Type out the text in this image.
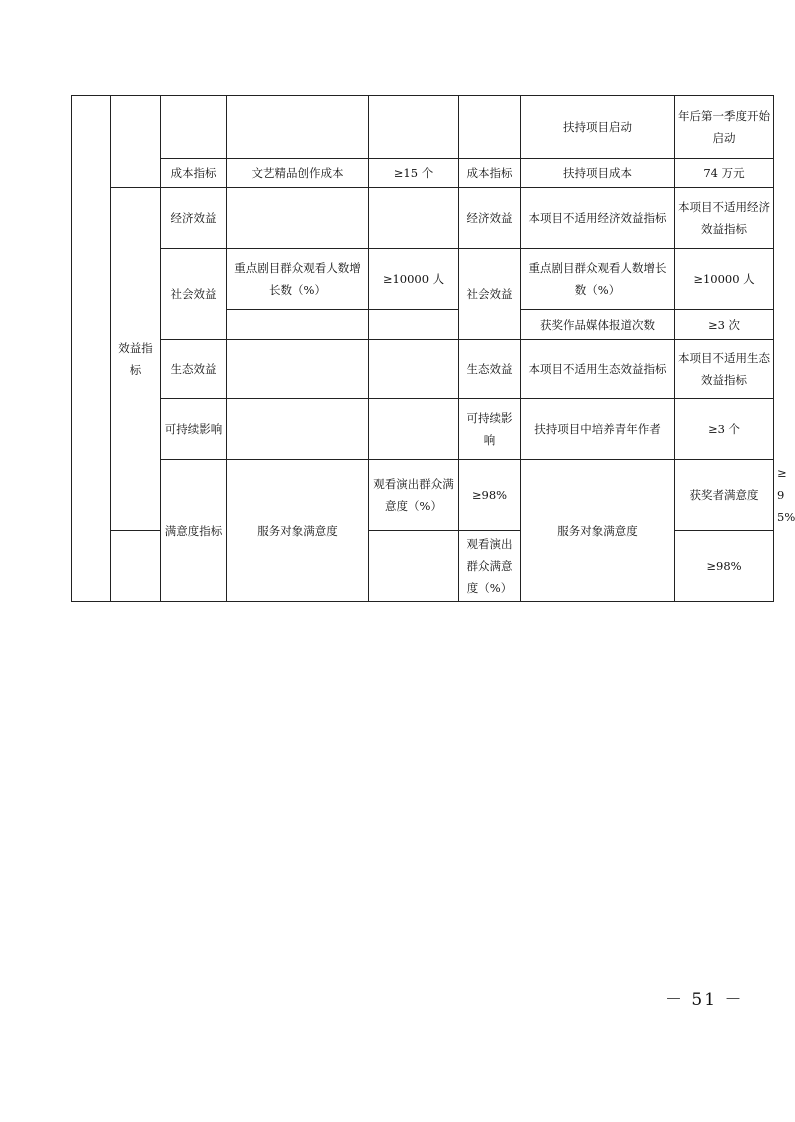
						扶持项目启动	年后第一季度开始启动	
		成本指标	文艺精品创作成本	≥15 个	成本指标	扶持项目成本	74 万元	
	效益指标	经济效益			经济效益	本项目不适用经济效益指标	本项目不适用经济效益指标	
		社会效益	重点剧目群众观看人数增长数（%）	≥10000 人	社会效益	重点剧目群众观看人数增长数（%）	≥10000 人	
						获奖作品媒体报道次数	≥3 次	
		生态效益			生态效益	本项目不适用生态效益指标	本项目不适用生态效益指标	
		可持续影响			可持续影响	扶持项目中培养青年作者	≥3 个	
		满意度指标	服务对象满意度	观看演出群众满意度（%）	≥98%	服务对象满意度	获奖者满意度	≥95%
					观看演出群众满意度（%）		≥98%	
－ 51 －
